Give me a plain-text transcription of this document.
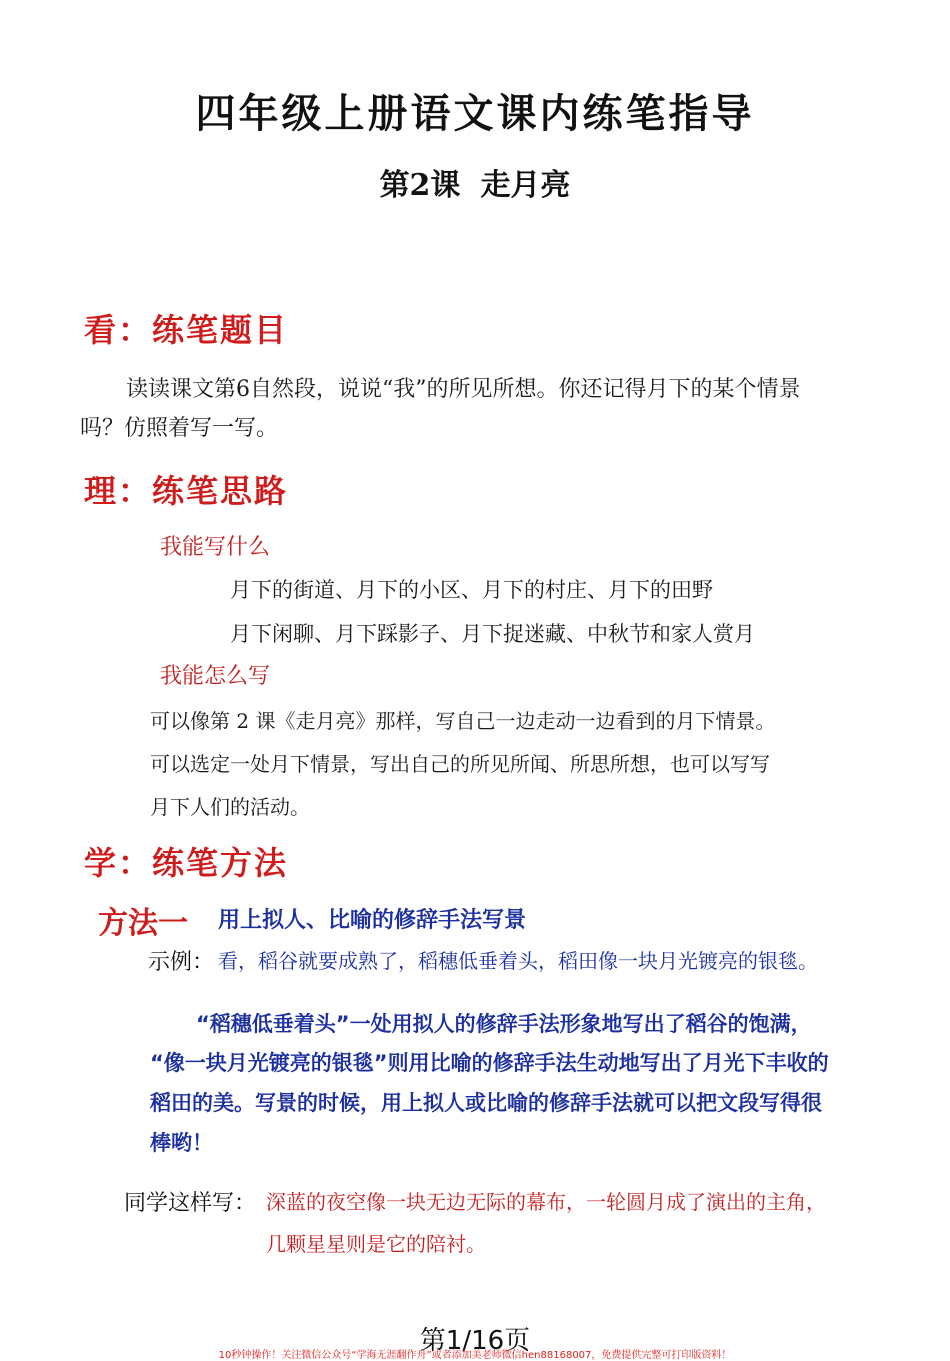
四年级上册语文课内练笔指导
第2课 走月亮
看：练笔题目
读读课文第6自然段，说说“我”的所见所想。你还记得月下的某个情景
吗？仿照着写一写。
理：练笔思路
我能写什么
月下的街道、月下的小区、月下的村庄、月下的田野
月下闲聊、月下踩影子、月下捉迷藏、中秋节和家人赏月
我能怎么写
可以像第 2 课《走月亮》那样，写自己一边走动一边看到的月下情景。
可以选定一处月下情景，写出自己的所见所闻、所思所想，也可以写写
月下人们的活动。
学：练笔方法
方法一 用上拟人、比喻的修辞手法写景
示例： 看，稻谷就要成熟了，稻穗低垂着头，稻田像一块月光镀亮的银毯。
“稻穗低垂着头”一处用拟人的修辞手法形象地写出了稻谷的饱满，
“像一块月光镀亮的银毯”则用比喻的修辞手法生动地写出了月光下丰收的
稻田的美。写景的时候，用上拟人或比喻的修辞手法就可以把文段写得很
棒哟！
同学这样写： 深蓝的夜空像一块无边无际的幕布，一轮圆月成了演出的主角，
几颗星星则是它的陪衬。
第1/16页
10秒钟操作！关注微信公众号“学海无涯翻作舟”或者添加美老师微信hen88168007，免费提供完整可打印版资料！
